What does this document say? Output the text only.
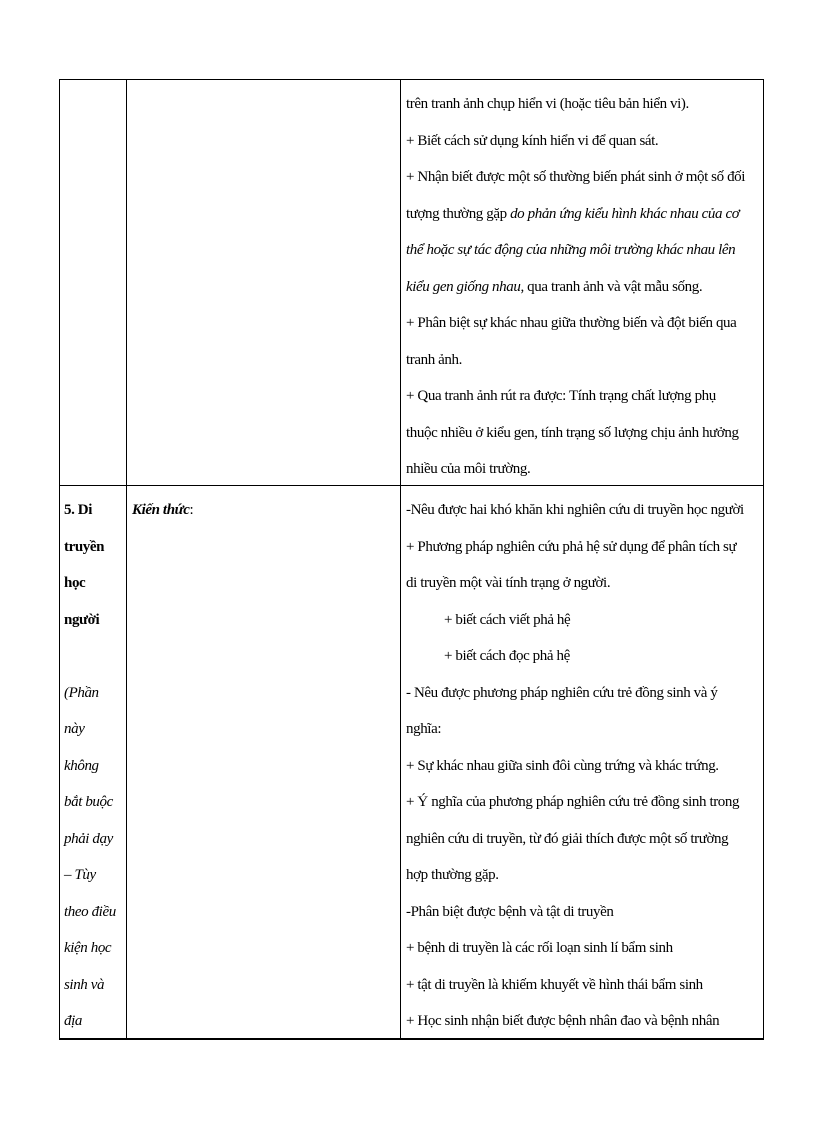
trên tranh ảnh chụp hiển vi (hoặc tiêu bản hiển vi).
+ Biết cách sử dụng kính hiển vi để quan sát.
+ Nhận biết được một số thường biến phát sinh ở một số đối
tượng thường gặp do phản ứng kiểu hình khác nhau của cơ
thể hoặc sự tác động của những môi trường khác nhau lên
kiểu gen giống nhau, qua tranh ảnh và vật mẫu sống.
+ Phân biệt sự khác nhau giữa thường biến và đột biến qua
tranh ảnh.
+ Qua tranh ảnh rút ra được: Tính trạng chất lượng phụ
thuộc nhiều ở kiểu gen, tính trạng số lượng chịu ảnh hưởng
nhiều của môi trường.
5. Di
truyền
học
người
(Phần
này
không
bắt buộc
phải dạy
– Tùy
theo điều
kiện học
sinh và
địa
Kiến thức:	-Nêu được hai khó khăn khi nghiên cứu di truyền học người
+ Phương pháp nghiên cứu phả hệ sử dụng để phân tích sự
di truyền một vài tính trạng ở người.
+ biết cách viết phả hệ
+ biết cách đọc phả hệ
- Nêu được phương pháp nghiên cứu trẻ đồng sinh và ý
nghĩa:
+ Sự khác nhau giữa sinh đôi cùng trứng và khác trứng.
+ Ý nghĩa của phương pháp nghiên cứu trẻ đồng sinh trong
nghiên cứu di truyền, từ đó giải thích được một số trường
hợp thường gặp.
-Phân biệt được bệnh và tật di truyền
+ bệnh di truyền là các rối loạn sinh lí bẩm sinh
+ tật di truyền là khiếm khuyết về hình thái bẩm sinh
+ Học sinh nhận biết được bệnh nhân đao và bệnh nhân
